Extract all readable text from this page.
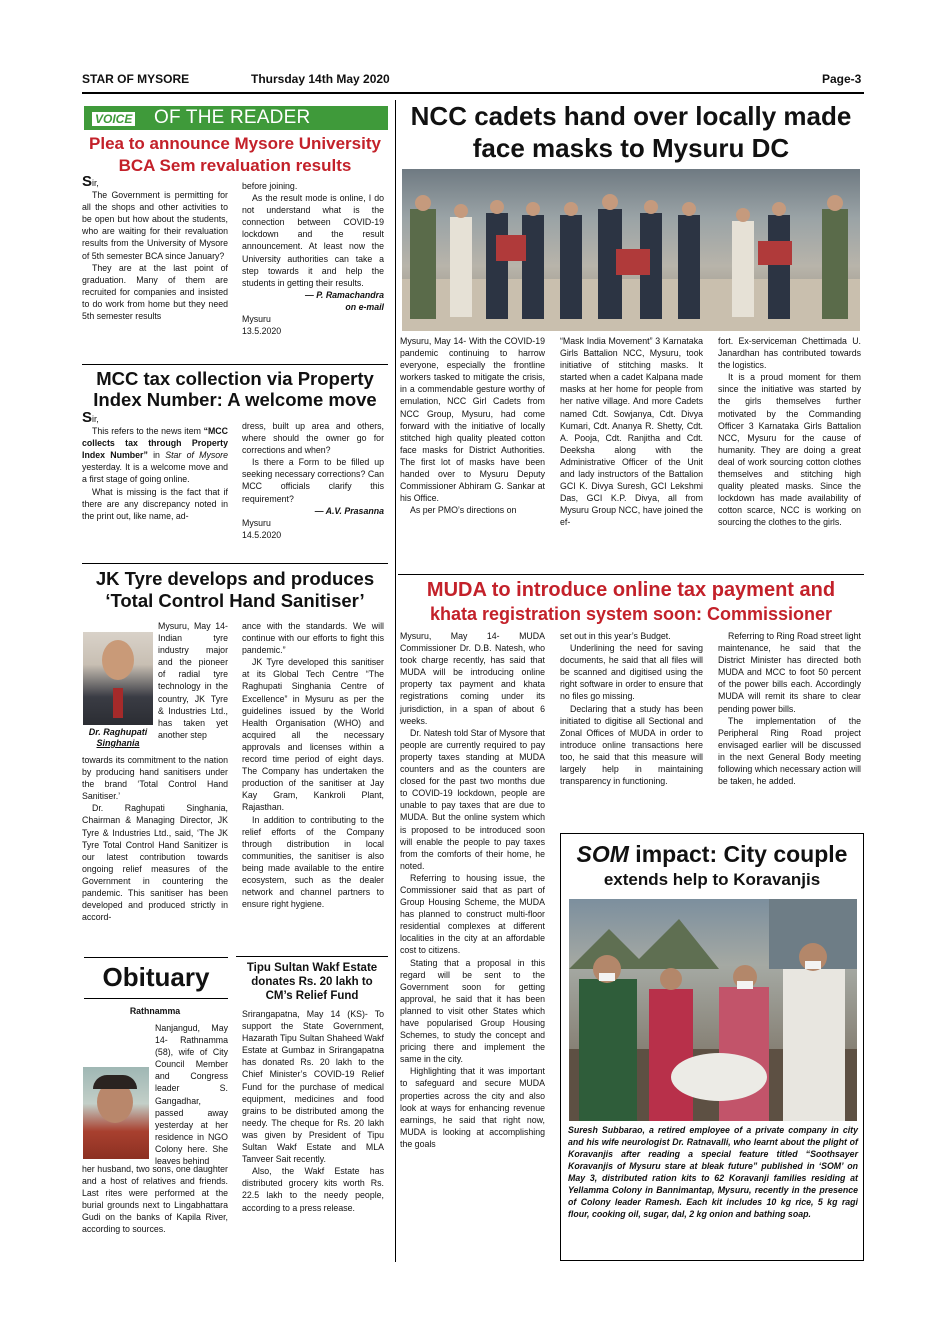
STAR OF MYSORE	Thursday 14th May 2020	Page-3
VOICE OF THE READER
Plea to announce Mysore University
BCA Sem revaluation results

Sir,

The Government is permitting for all the shops and other activities to be open but how about the students, who are waiting for their revaluation results from the University of Mysore of 5th semester BCA since January?

They are at the last point of graduation. Many of them are recruited for companies and insisted to do work from home but they need 5th semester results

before joining.

As the result mode is online, I do not understand what is the connection between COVID-19 lockdown and the result announcement. At least now the University authorities can take a step towards it and help the students in getting their results.

— P. Ramachandra

on e-mail

Mysuru

13.5.2020

MCC tax collection via Property
Index Number: A welcome move

Sir,

This refers to the news item “MCC collects tax through Property Index Number” in Star of Mysore yesterday. It is a welcome move and a first stage of going online.

What is missing is the fact that if there are any discrepancy noted in the print out, like name, ad-

dress, built up area and others, where should the owner go for corrections and when?

Is there a Form to be filled up seeking necessary corrections? Can MCC officials clarify this requirement?

— A.V. Prasanna

Mysuru

14.5.2020

JK Tyre develops and produces
‘Total Control Hand Sanitiser’
Dr. Raghupati
Singhania

Mysuru, May 14- Indian tyre industry major and the pioneer of radial tyre technology in the country, JK Tyre & Industries Ltd., has taken yet another step

towards its commitment to the nation by producing hand sanitisers under the brand ‘Total Control Hand Sanitiser.’

Dr. Raghupati Singhania, Chairman & Managing Director, JK Tyre & Industries Ltd., said, ‘The JK Tyre Total Control Hand Sanitizer is our latest contribution towards ongoing relief measures of the Government in countering the pandemic. This sanitiser has been developed and produced strictly in accord-

ance with the standards. We will continue with our efforts to fight this pandemic.”

JK Tyre developed this sanitiser at its Global Tech Centre “The Raghupati Singhania Centre of Excellence” in Mysuru as per the guidelines issued by the World Health Organisation (WHO) and acquired all the necessary approvals and licenses within a record time period of eight days. The Company has undertaken the production of the sanitiser at Jay Kay Gram, Kankroli Plant, Rajasthan.

In addition to contributing to the relief efforts of the Company through distribution in local communities, the sanitiser is also being made available to the entire ecosystem, such as the dealer network and channel partners to ensure right hygiene.

Obituary
Rathnamma

Nanjangud, May 14- Rathnamma (58), wife of City Council Member and Congress leader S. Gangadhar, passed away yesterday at her residence in NGO Colony here. She leaves behind

her husband, two sons, one daughter and a host of relatives and friends. Last rites were performed at the burial grounds next to Lingabhattara Gudi on the banks of Kapila River, according to sources.

Tipu Sultan Wakf Estate
donates Rs. 20 lakh to
CM’s Relief Fund

Srirangapatna, May 14 (KS)- To support the State Government, Hazarath Tipu Sultan Shaheed Wakf Estate at Gumbaz in Srirangapatna has donated Rs. 20 lakh to the Chief Minister’s COVID-19 Relief Fund for the purchase of medical equipment, medicines and food grains to be distributed among the needy. The cheque for Rs. 20 lakh was given by President of Tipu Sultan Wakf Estate and MLA Tanveer Sait recently.

Also, the Wakf Estate has distributed grocery kits worth Rs. 22.5 lakh to the needy people, according to a press release.

NCC cadets hand over locally made
face masks to Mysuru DC

Mysuru, May 14- With the COVID-19 pandemic continuing to harrow everyone, especially the frontline workers tasked to mitigate the crisis, in a commendable gesture worthy of emulation, NCC Girl Cadets from NCC Group, Mysuru, had come forward with the initiative of locally stitched high quality pleated cotton face masks for District Authorities. The first lot of masks have been handed over to Mysuru Deputy Commissioner Abhiram G. Sankar at his Office.

As per PMO’s directions on

“Mask India Movement” 3 Karnataka Girls Battalion NCC, Mysuru, took initiative of stitching masks. It started when a cadet Kalpana made masks at her home for people from her native village. And more Cadets named Cdt. Sowjanya, Cdt. Divya Kumari, Cdt. Ananya R. Shetty, Cdt. A. Pooja, Cdt. Ranjitha and Cdt. Deeksha along with the Administrative Officer of the Unit and lady instructors of the Battalion GCI K. Divya Suresh, GCI Lekshmi Das, GCI K.P. Divya, all from Mysuru Group NCC, have joined the ef-

fort. Ex-serviceman Chettimada U. Janardhan has contributed towards the logistics.

It is a proud moment for them since the initiative was started by the girls themselves further motivated by the Commanding Officer 3 Karnataka Girls Battalion NCC, Mysuru for the cause of humanity. They are doing a great deal of work sourcing cotton clothes themselves and stitching high quality pleated masks. Since the lockdown has made availability of cotton scarce, NCC is working on sourcing the clothes to the girls.

MUDA to introduce online tax payment and
khata registration system soon: Commissioner

Mysuru, May 14- MUDA Commissioner Dr. D.B. Natesh, who took charge recently, has said that MUDA will be introducing online property tax payment and khata registrations coming under its jurisdiction, in a span of about 6 weeks.

Dr. Natesh told Star of Mysore that people are currently required to pay property taxes standing at MUDA counters and as the counters are closed for the past two months due to COVID-19 lockdown, people are unable to pay taxes that are due to MUDA. But the online system which is proposed to be introduced soon will enable the people to pay taxes from the comforts of their home, he noted.

Referring to housing issue, the Commissioner said that as part of Group Housing Scheme, the MUDA has planned to construct multi-floor residential complexes at different localities in the city at an affordable cost to citizens.

Stating that a proposal in this regard will be sent to the Government soon for getting approval, he said that it has been planned to visit other States which have popularised Group Housing Schemes, to study the concept and pricing there and implement the same in the city.

Highlighting that it was important to safeguard and secure MUDA properties across the city and also look at ways for enhancing revenue earnings, he said that right now, MUDA is looking at accomplishing the goals

set out in this year’s Budget.

Underlining the need for saving documents, he said that all files will be scanned and digitised using the right software in order to ensure that no files go missing.

Declaring that a study has been initiated to digitise all Sectional and Zonal Offices of MUDA in order to introduce online transactions here too, he said that this measure will largely help in maintaining transparency in functioning.

Referring to Ring Road street light maintenance, he said that the District Minister has directed both MUDA and MCC to foot 50 percent of the power bills each. Accordingly MUDA will remit its share to clear pending power bills.

The implementation of the Peripheral Ring Road project envisaged earlier will be discussed in the next General Body meeting following which necessary action will be taken, he added.

SOM impact: City couple
extends help to Koravanjis
Suresh Subbarao, a retired employee of a private company in city and his wife neurologist Dr. Ratnavalli, who learnt about the plight of Koravanjis after reading a special feature titled “Soothsayer Koravanjis of Mysuru stare at bleak future” published in ‘SOM’ on May 3, distributed ration kits to 62 Koravanji families residing at Yellamma Colony in Bannimantap, Mysuru, recently in the presence of Colony leader Ramesh. Each kit includes 10 kg rice, 5 kg ragi flour, cooking oil, sugar, dal, 2 kg onion and bathing soap.
